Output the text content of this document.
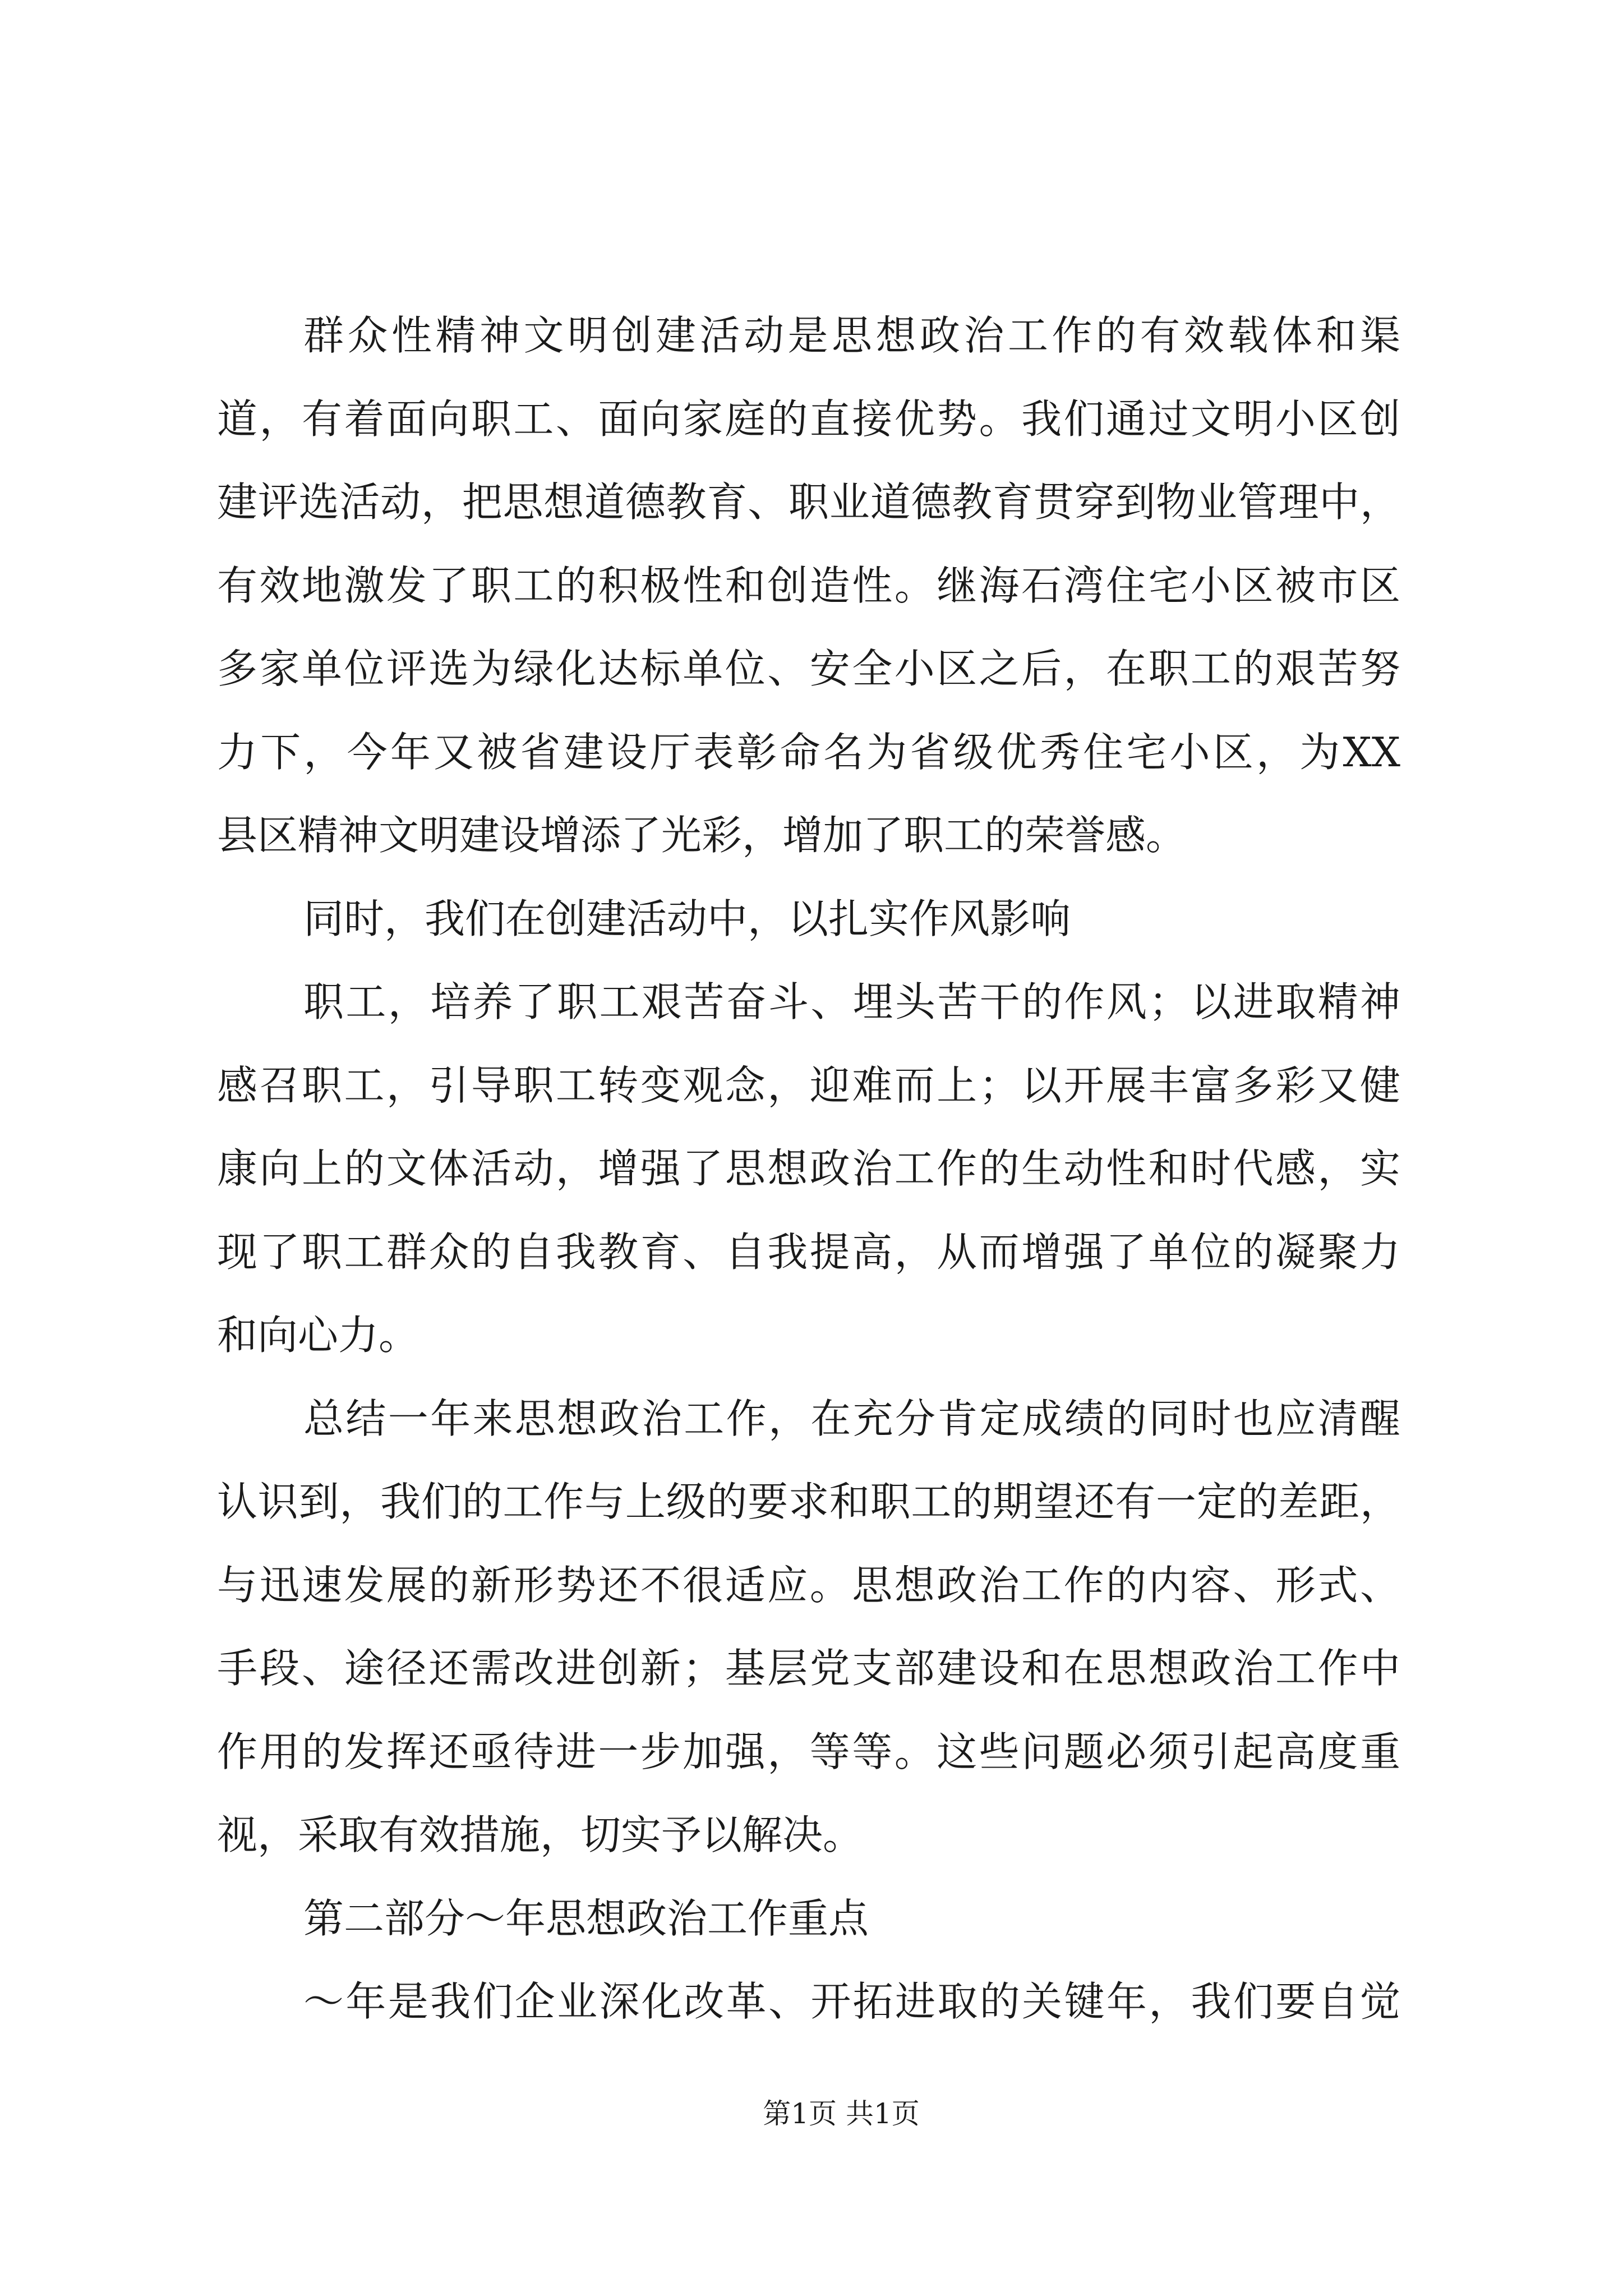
群众性精神文明创建活动是思想政治工作的有效载体和渠
道，有着面向职工、面向家庭的直接优势。我们通过文明小区创
建评选活动，把思想道德教育、职业道德教育贯穿到物业管理中，
有效地激发了职工的积极性和创造性。继海石湾住宅小区被市区
多家单位评选为绿化达标单位、安全小区之后，在职工的艰苦努
力下，今年又被省建设厅表彰命名为省级优秀住宅小区，为XX
县区精神文明建设增添了光彩，增加了职工的荣誉感。
同时，我们在创建活动中，以扎实作风影响
职工，培养了职工艰苦奋斗、埋头苦干的作风；以进取精神
感召职工，引导职工转变观念，迎难而上；以开展丰富多彩又健
康向上的文体活动，增强了思想政治工作的生动性和时代感，实
现了职工群众的自我教育、自我提高，从而增强了单位的凝聚力
和向心力。
总结一年来思想政治工作，在充分肯定成绩的同时也应清醒
认识到，我们的工作与上级的要求和职工的期望还有一定的差距，
与迅速发展的新形势还不很适应。思想政治工作的内容、形式、
手段、途径还需改进创新；基层党支部建设和在思想政治工作中
作用的发挥还亟待进一步加强，等等。这些问题必须引起高度重
视，采取有效措施，切实予以解决。
第二部分～年思想政治工作重点
～年是我们企业深化改革、开拓进取的关键年，我们要自觉
第1页 共1页
